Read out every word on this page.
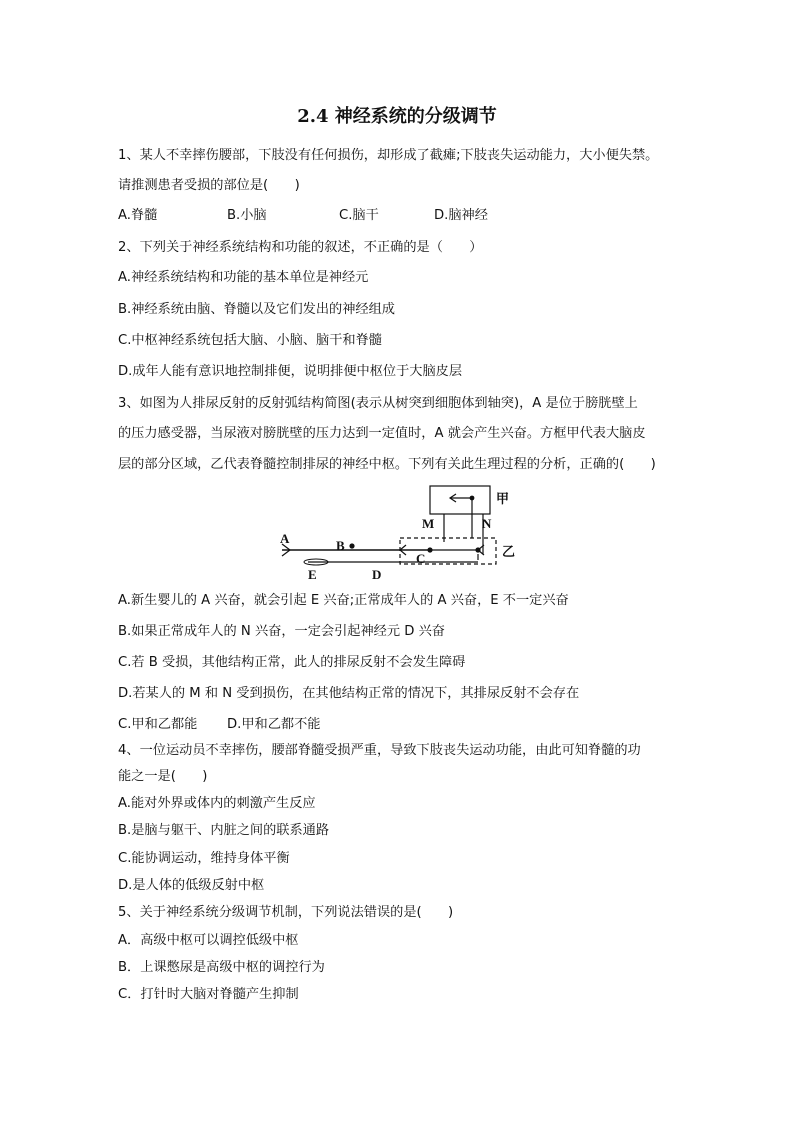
2.4 神经系统的分级调节
1、某人不幸摔伤腰部，下肢没有任何损伤，却形成了截瘫;下肢丧失运动能力，大小便失禁。
请推测患者受损的部位是(　　)
A.脊髓	B.小脑	C.脑干	D.脑神经
2、下列关于神经系统结构和功能的叙述，不正确的是（　　）
A.神经系统结构和功能的基本单位是神经元
B.神经系统由脑、脊髓以及它们发出的神经组成
C.中枢神经系统包括大脑、小脑、脑干和脊髓
D.成年人能有意识地控制排便，说明排便中枢位于大脑皮层
3、如图为人排尿反射的反射弧结构简图(表示从树突到细胞体到轴突)，A 是位于膀胱壁上
的压力感受器，当尿液对膀胱壁的压力达到一定值时，A 就会产生兴奋。方框甲代表大脑皮
层的部分区域，乙代表脊髓控制排尿的神经中枢。下列有关此生理过程的分析，正确的(　　)
甲
乙
M	N
A	B
C
D
E
A.新生婴儿的 A 兴奋，就会引起 E 兴奋;正常成年人的 A 兴奋，E 不一定兴奋
B.如果正常成年人的 N 兴奋，一定会引起神经元 D 兴奋
C.若 B 受损，其他结构正常，此人的排尿反射不会发生障碍
D.若某人的 M 和 N 受到损伤，在其他结构正常的情况下，其排尿反射不会存在
C.甲和乙都能 D.甲和乙都不能
4、一位运动员不幸摔伤，腰部脊髓受损严重，导致下肢丧失运动功能，由此可知脊髓的功
能之一是(　　)
A.能对外界或体内的刺激产生反应
B.是脑与躯干、内脏之间的联系通路
C.能协调运动，维持身体平衡
D.是人体的低级反射中枢
5、关于神经系统分级调节机制，下列说法错误的是(　　)
A．高级中枢可以调控低级中枢
B．上课憋尿是高级中枢的调控行为
C．打针时大脑对脊髓产生抑制
